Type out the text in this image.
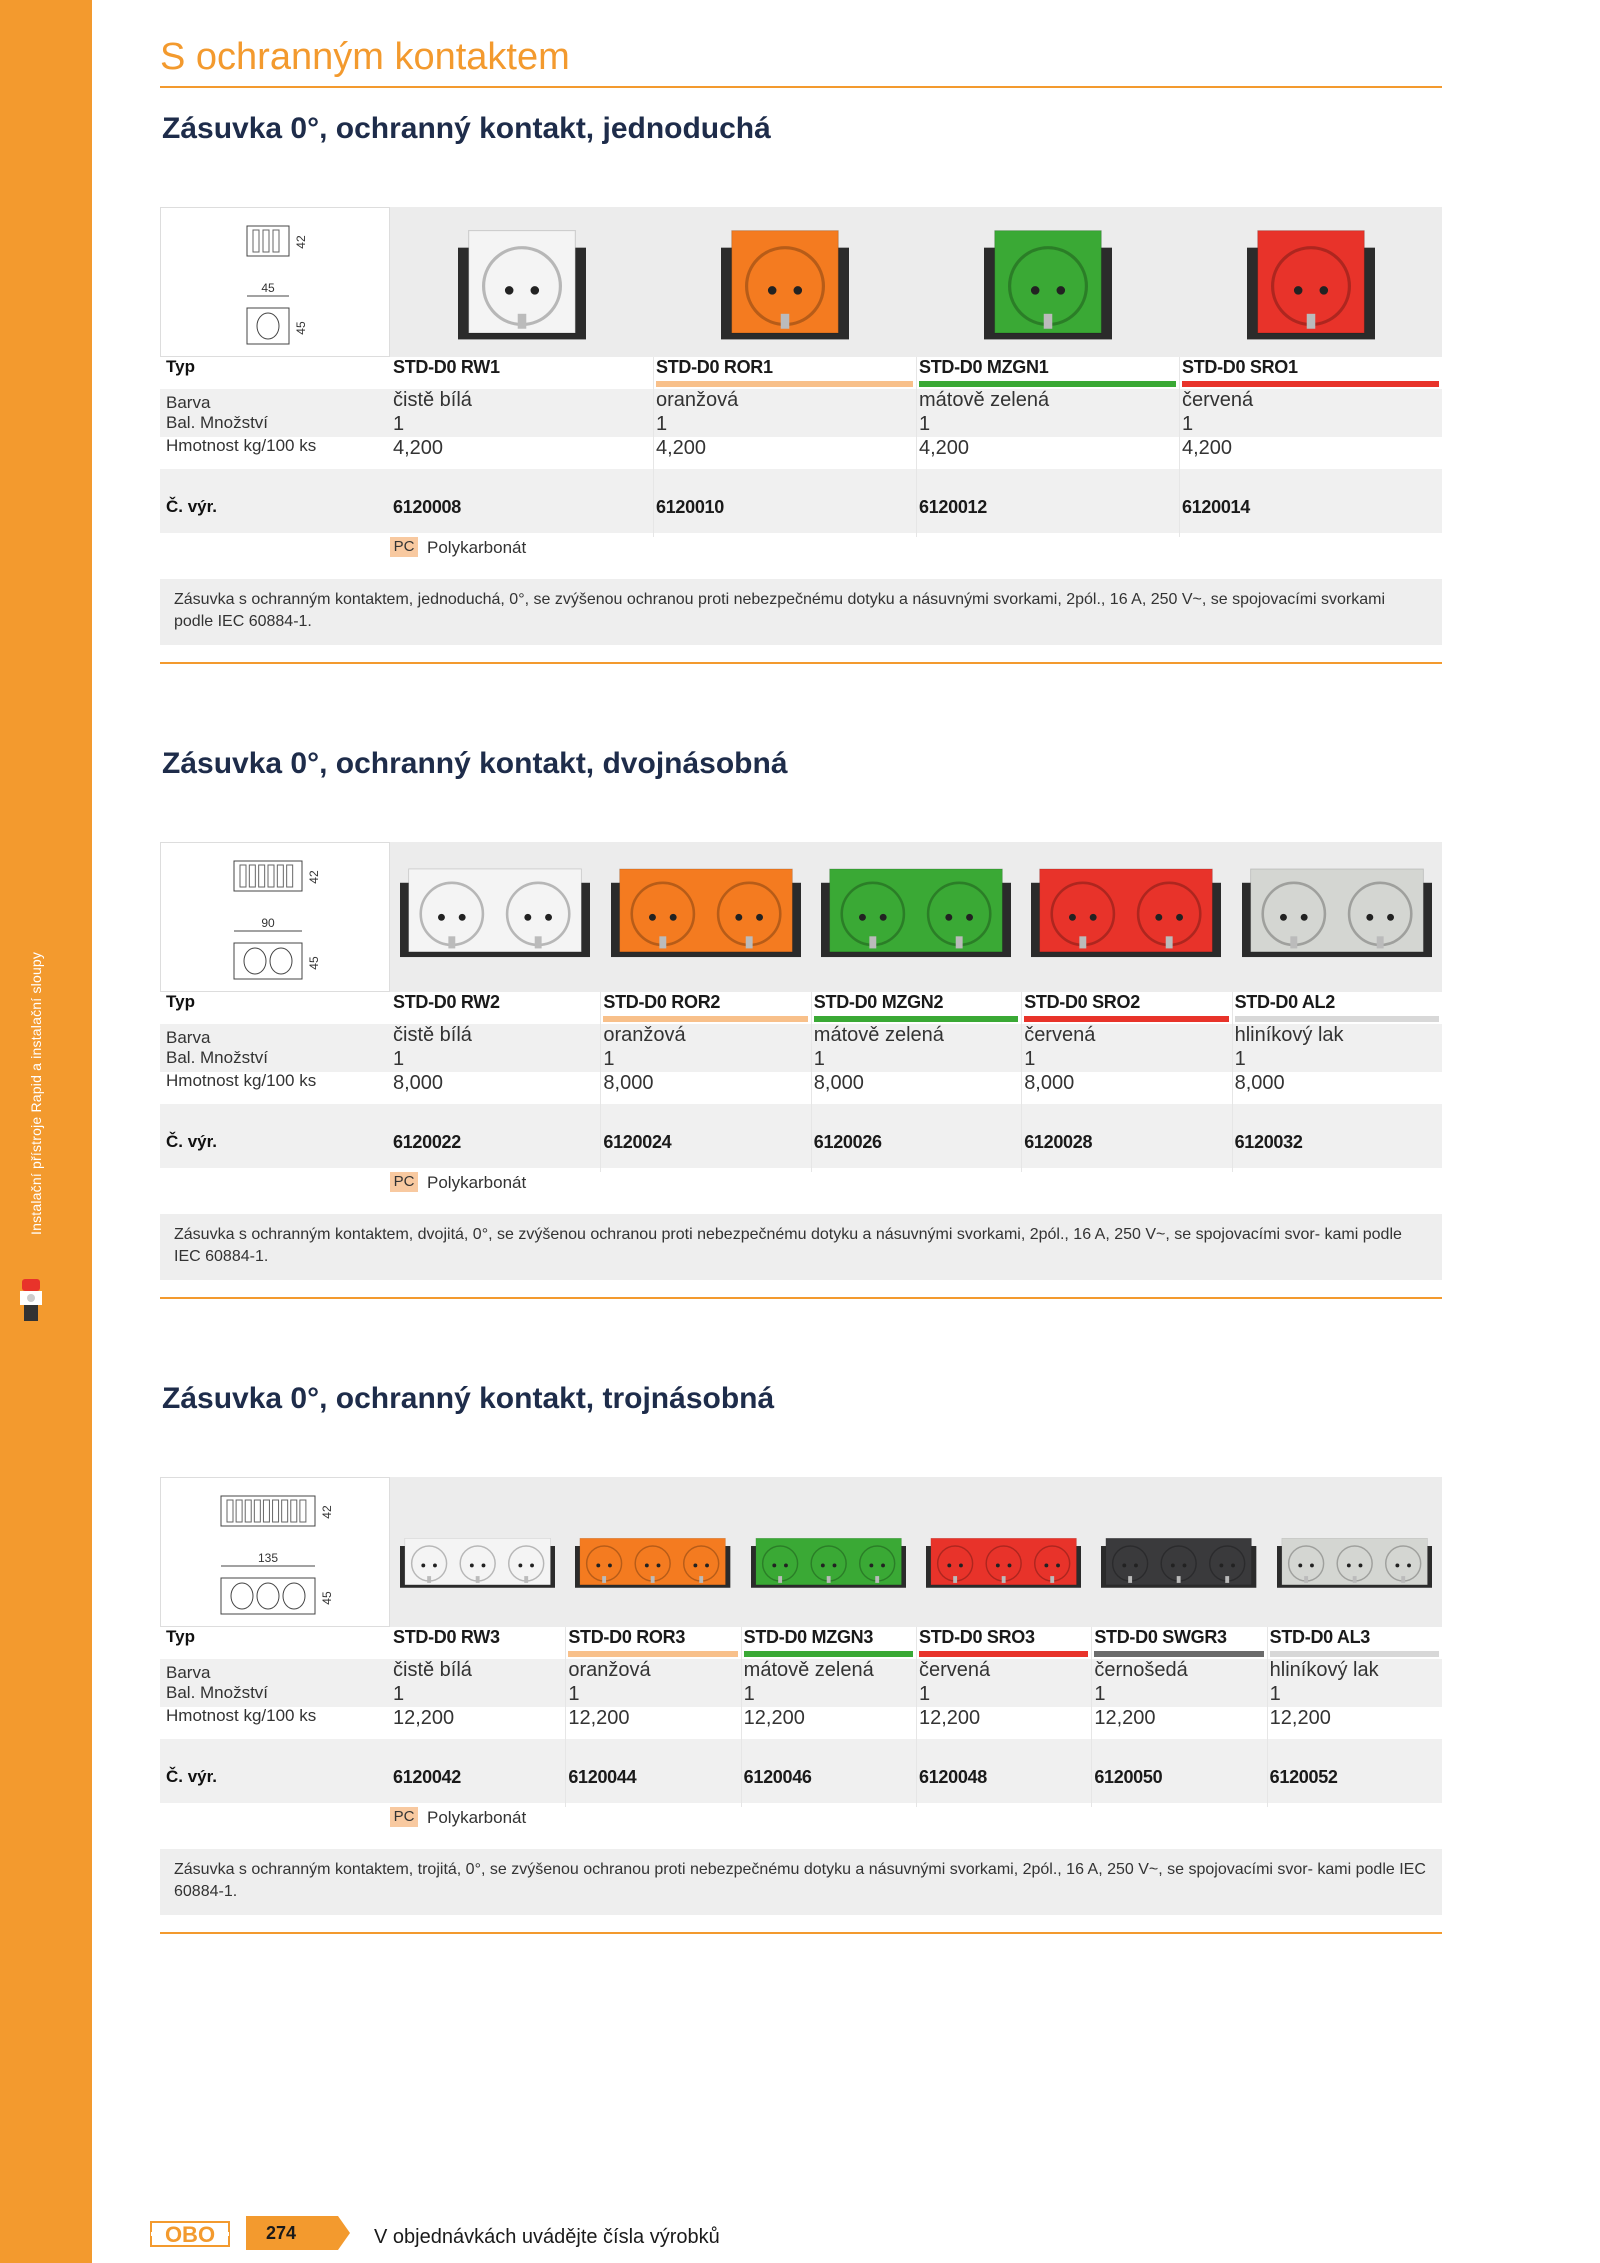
Instalační přístroje Rapid a instalační sloupy
S ochranným kontaktem
Zásuvka 0°, ochranný kontakt, jednoduchá
45
42
45
Typ
Barva
Bal. Množství
Hmotnost kg/100 ks
Č. výr.
STD-D0 RW1
čistě bílá
1
4,200
6120008
STD-D0 ROR1
oranžová
1
4,200
6120010
STD-D0 MZGN1
mátově zelená
1
4,200
6120012
STD-D0 SRO1
červená
1
4,200
6120014
PC Polykarbonát
Zásuvka s ochranným kontaktem, jednoduchá, 0°, se zvýšenou ochranou proti nebezpečnému dotyku a násuvnými svorkami, 2pól., 16 A, 250 V~, se spojovacími svorkami podle IEC 60884-1.
Zásuvka 0°, ochranný kontakt, dvojnásobná
90
42
45
Typ
Barva
Bal. Množství
Hmotnost kg/100 ks
Č. výr.
STD-D0 RW2
čistě bílá
1
8,000
6120022
STD-D0 ROR2
oranžová
1
8,000
6120024
STD-D0 MZGN2
mátově zelená
1
8,000
6120026
STD-D0 SRO2
červená
1
8,000
6120028
STD-D0 AL2
hliníkový lak
1
8,000
6120032
PC Polykarbonát
Zásuvka s ochranným kontaktem, dvojitá, 0°, se zvýšenou ochranou proti nebezpečnému dotyku a násuvnými svorkami, 2pól., 16 A, 250 V~, se spojovacími svor- kami podle IEC 60884-1.
Zásuvka 0°, ochranný kontakt, trojnásobná
135
42
45
Typ
Barva
Bal. Množství
Hmotnost kg/100 ks
Č. výr.
STD-D0 RW3
čistě bílá
1
12,200
6120042
STD-D0 ROR3
oranžová
1
12,200
6120044
STD-D0 MZGN3
mátově zelená
1
12,200
6120046
STD-D0 SRO3
červená
1
12,200
6120048
STD-D0 SWGR3
černošedá
1
12,200
6120050
STD-D0 AL3
hliníkový lak
1
12,200
6120052
PC Polykarbonát
Zásuvka s ochranným kontaktem, trojitá, 0°, se zvýšenou ochranou proti nebezpečnému dotyku a násuvnými svorkami, 2pól., 16 A, 250 V~, se spojovacími svor- kami podle IEC 60884-1.
OBO	274	V objednávkách uvádějte čísla výrobků
